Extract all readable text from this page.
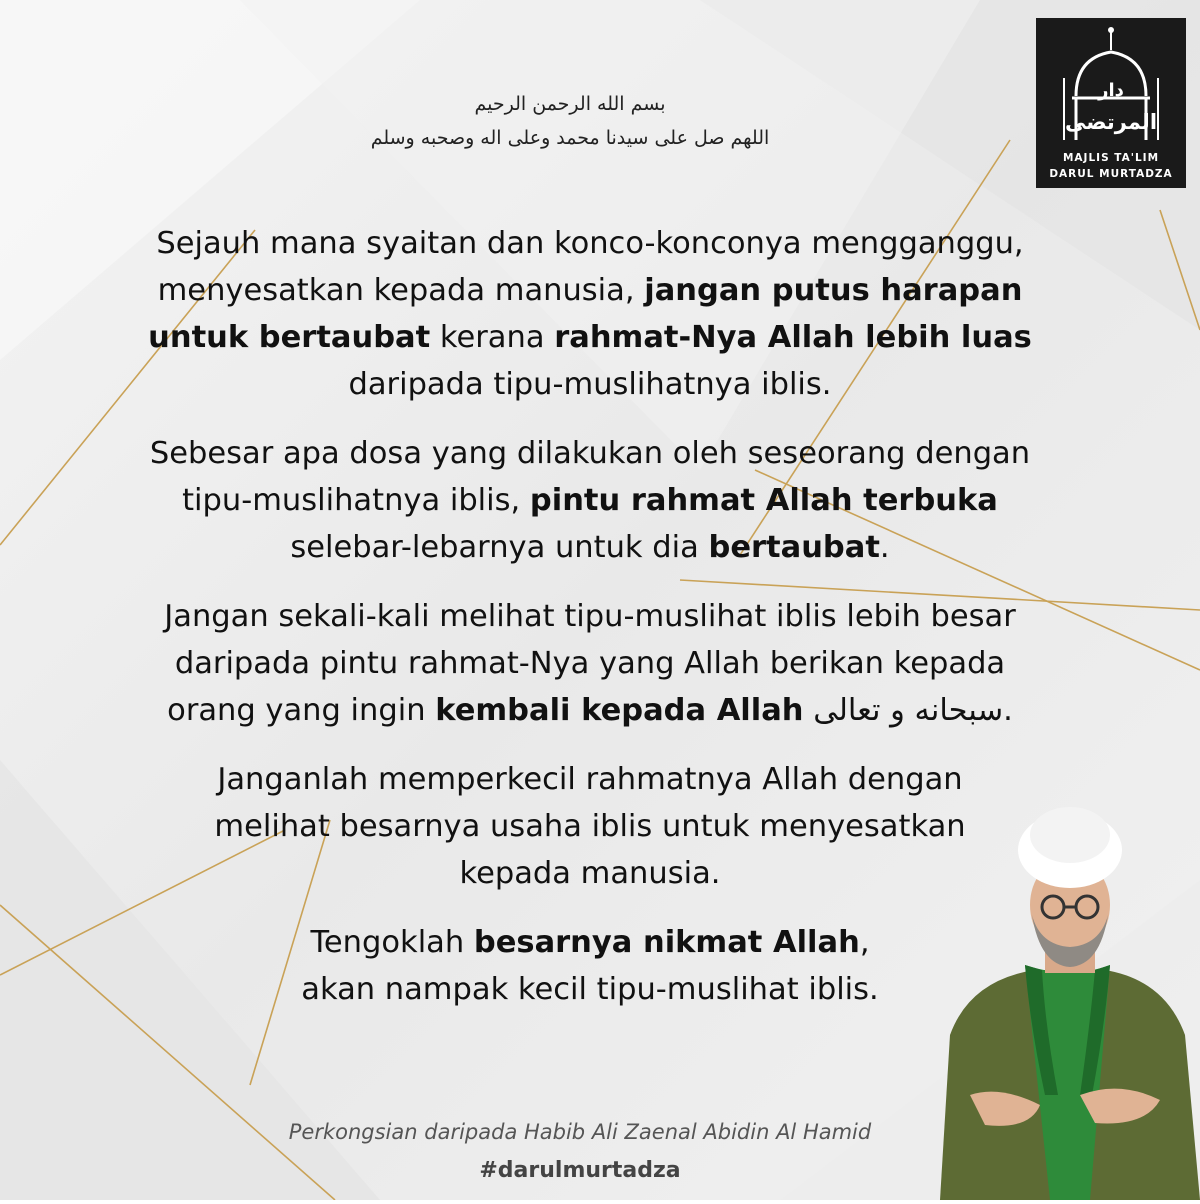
بسم الله الرحمن الرحيم
اللهم صل على سيدنا محمد وعلى اله وصحبه وسلم
دار
المرتضى
MAJLIS TA'LIM
DARUL MURTADZA

Sejauh mana syaitan dan konco-konconya mengganggu,
menyesatkan kepada manusia, jangan putus harapan
untuk bertaubat kerana rahmat-Nya Allah lebih luas
daripada tipu-muslihatnya iblis.

Sebesar apa dosa yang dilakukan oleh seseorang dengan
tipu-muslihatnya iblis, pintu rahmat Allah terbuka
selebar-lebarnya untuk dia bertaubat.

Jangan sekali-kali melihat tipu-muslihat iblis lebih besar
daripada pintu rahmat-Nya yang Allah berikan kepada
orang yang ingin kembali kepada Allah سبحانه و تعالى.

Janganlah memperkecil rahmatnya Allah dengan
melihat besarnya usaha iblis untuk menyesatkan
kepada manusia.

Tengoklah besarnya nikmat Allah,
akan nampak kecil tipu-muslihat iblis.

Perkongsian daripada Habib Ali Zaenal Abidin Al Hamid
#darulmurtadza
